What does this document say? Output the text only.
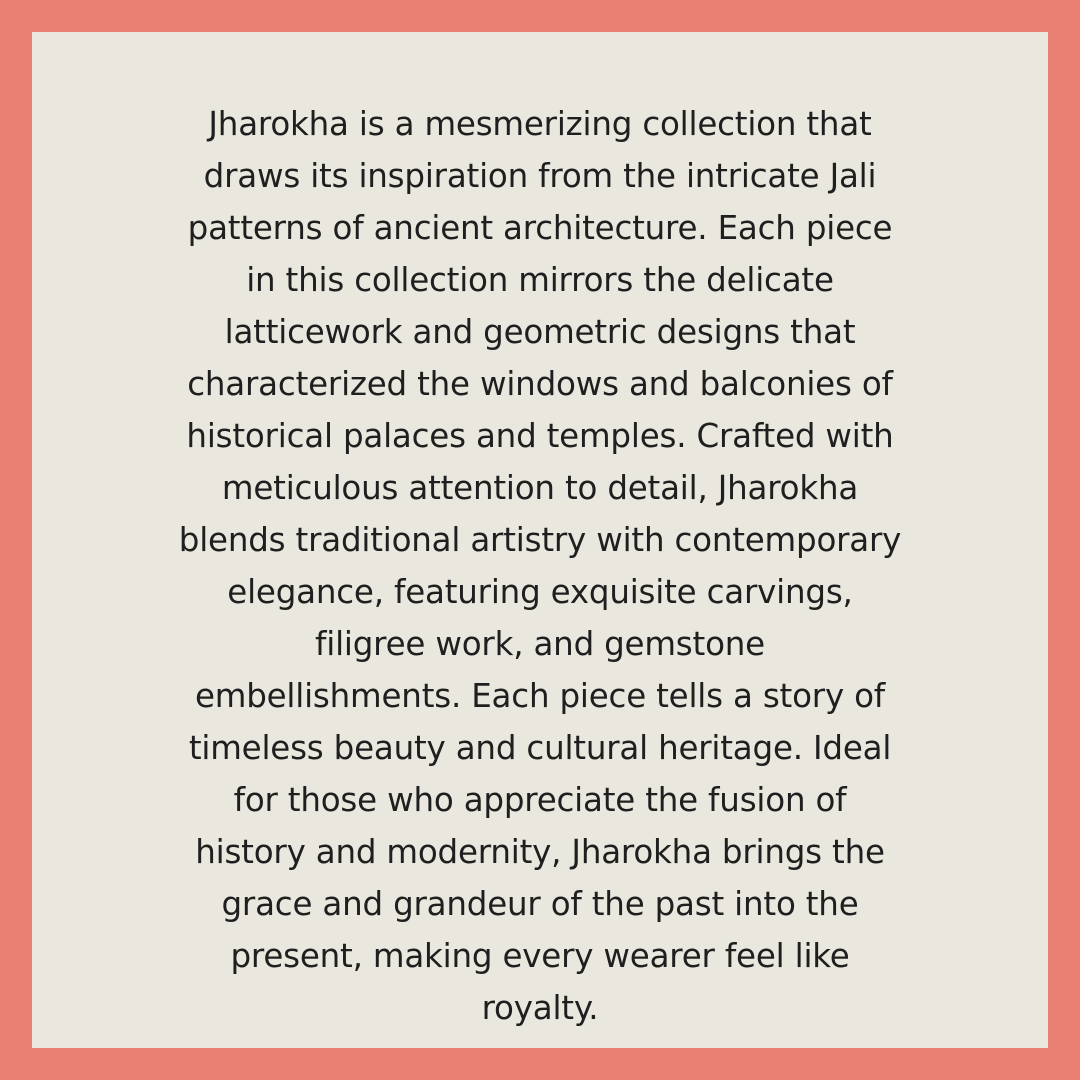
Jharokha is a mesmerizing collection that
draws its inspiration from the intricate Jali
patterns of ancient architecture. Each piece
in this collection mirrors the delicate
latticework and geometric designs that
characterized the windows and balconies of
historical palaces and temples. Crafted with
meticulous attention to detail, Jharokha
blends traditional artistry with contemporary
elegance, featuring exquisite carvings,
filigree work, and gemstone
embellishments. Each piece tells a story of
timeless beauty and cultural heritage. Ideal
for those who appreciate the fusion of
history and modernity, Jharokha brings the
grace and grandeur of the past into the
present, making every wearer feel like
royalty.
